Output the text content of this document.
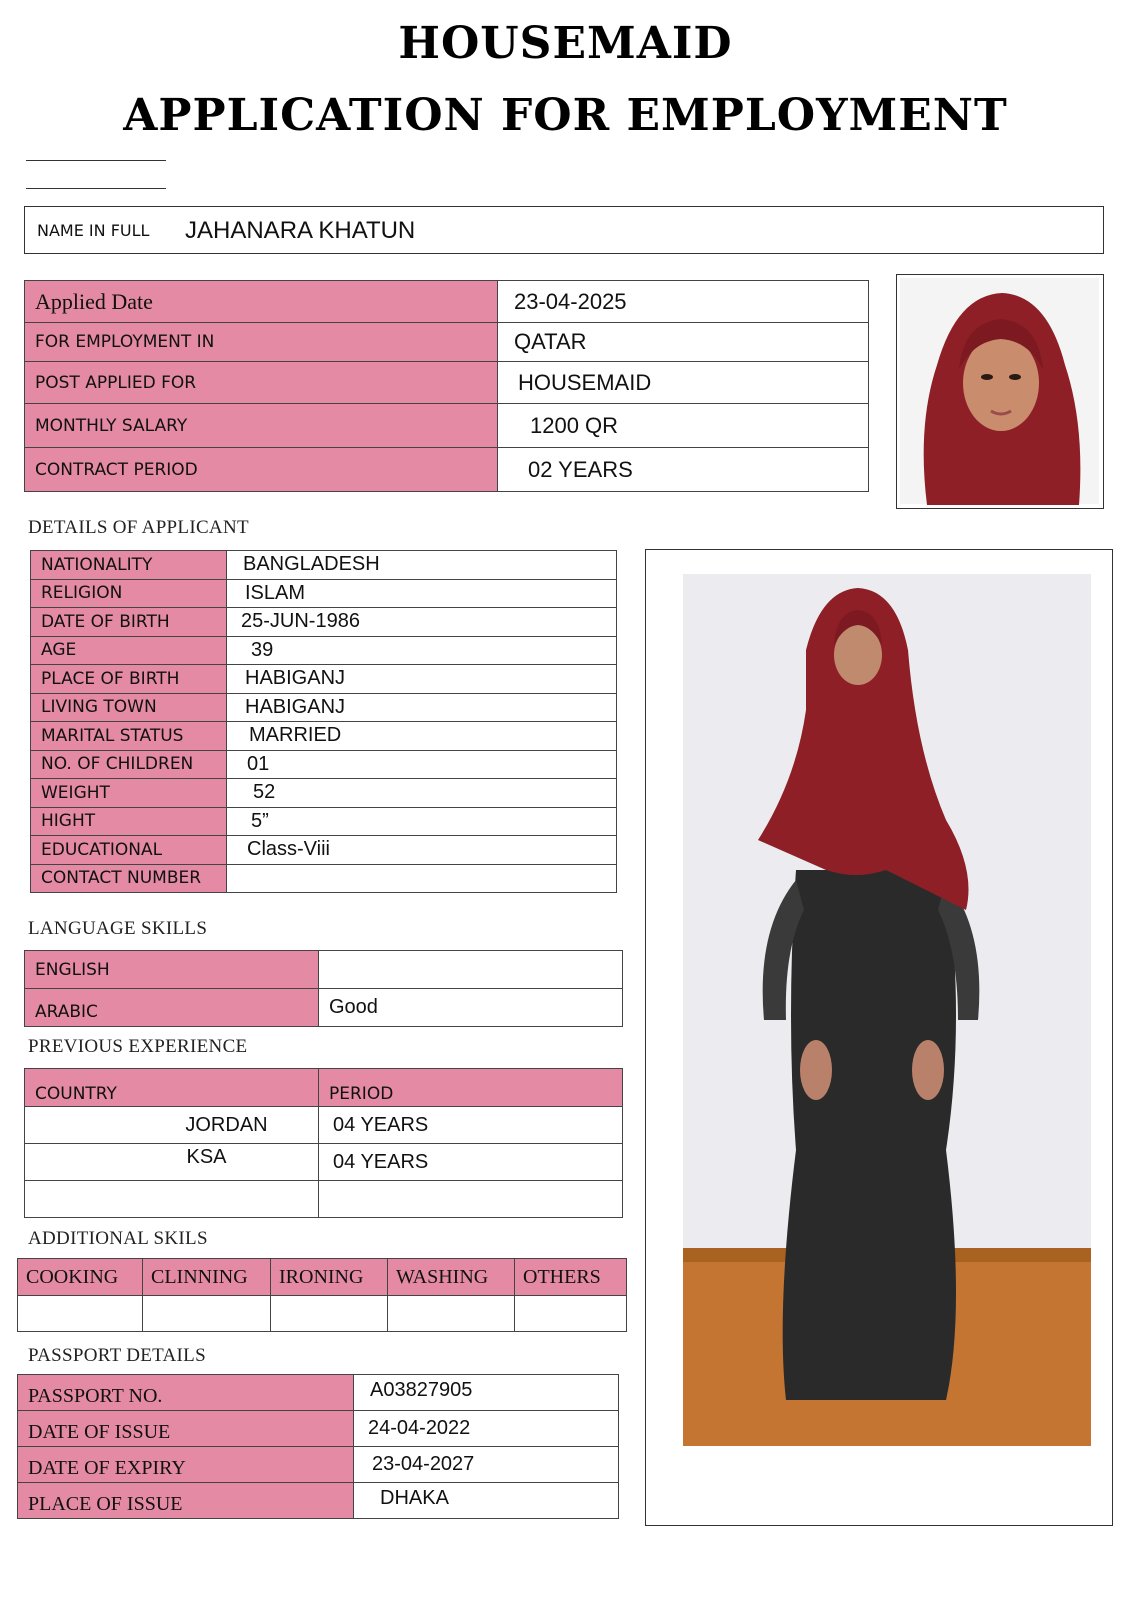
HOUSEMAID
APPLICATION FOR EMPLOYMENT
NAME IN FULL JAHANARA KHATUN
Applied Date	23-04-2025
FOR EMPLOYMENT IN	QATAR
POST APPLIED FOR	HOUSEMAID
MONTHLY SALARY	1200 QR
CONTRACT PERIOD	02 YEARS
DETAILS OF APPLICANT
NATIONALITY	BANGLADESH
RELIGION	ISLAM
DATE OF BIRTH	25-JUN-1986
AGE	39
PLACE OF BIRTH	HABIGANJ
LIVING TOWN	HABIGANJ
MARITAL STATUS	MARRIED
NO. OF CHILDREN	01
WEIGHT	52
HIGHT	5”
EDUCATIONAL	Class-Viii
CONTACT NUMBER	
LANGUAGE SKILLS
ENGLISH	
ARABIC	Good
PREVIOUS EXPERIENCE
COUNTRY	PERIOD
JORDAN	04 YEARS
KSA	04 YEARS

ADDITIONAL SKILS
COOKING	CLINNING	IRONING	WASHING	OTHERS

PASSPORT DETAILS
PASSPORT NO.	A03827905
DATE OF ISSUE	24-04-2022
DATE OF EXPIRY	23-04-2027
PLACE OF ISSUE	DHAKA
